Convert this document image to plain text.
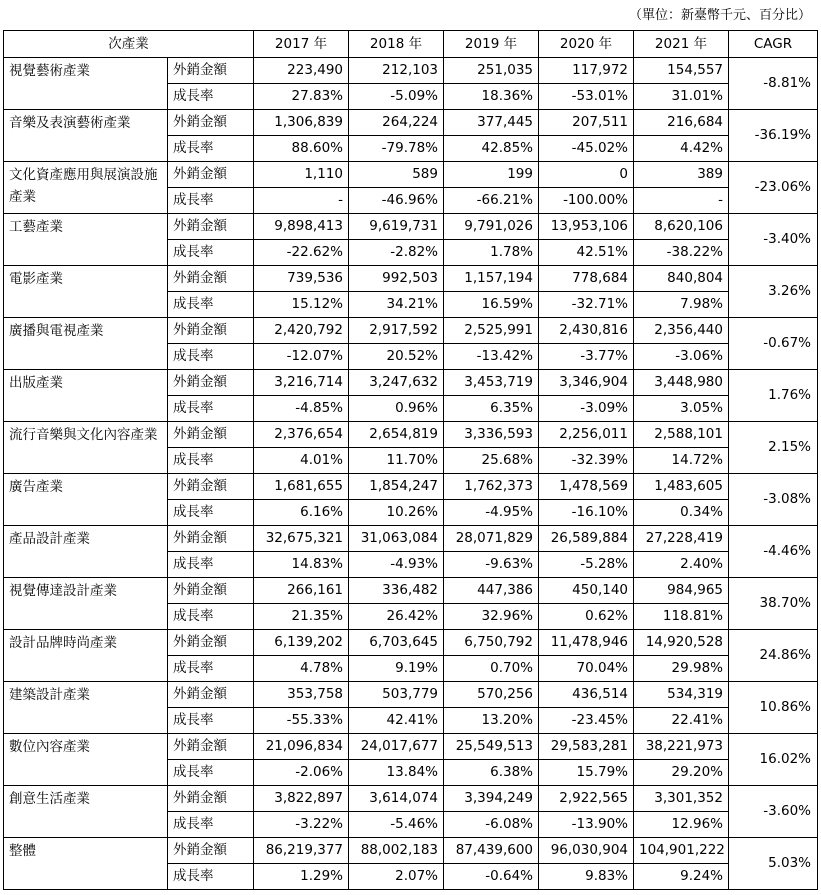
（單位：新臺幣千元、百分比）
次產業		2017 年	2018 年	2019 年	2020 年	2021 年	CAGR
視覺藝術產業	外銷金額	223,490	212,103	251,035	117,972	154,557	-8.81%
	成長率	27.83%	-5.09%	18.36%	-53.01%	31.01%	
音樂及表演藝術產業	外銷金額	1,306,839	264,224	377,445	207,511	216,684	-36.19%
	成長率	88.60%	-79.78%	42.85%	-45.02%	4.42%	
文化資產應用與展演設施產業	外銷金額	1,110	589	199	0	389	-23.06%
	成長率	-	-46.96%	-66.21%	-100.00%	-	
工藝產業	外銷金額	9,898,413	9,619,731	9,791,026	13,953,106	8,620,106	-3.40%
	成長率	-22.62%	-2.82%	1.78%	42.51%	-38.22%	
電影產業	外銷金額	739,536	992,503	1,157,194	778,684	840,804	3.26%
	成長率	15.12%	34.21%	16.59%	-32.71%	7.98%	
廣播與電視產業	外銷金額	2,420,792	2,917,592	2,525,991	2,430,816	2,356,440	-0.67%
	成長率	-12.07%	20.52%	-13.42%	-3.77%	-3.06%	
出版產業	外銷金額	3,216,714	3,247,632	3,453,719	3,346,904	3,448,980	1.76%
	成長率	-4.85%	0.96%	6.35%	-3.09%	3.05%	
流行音樂與文化內容產業	外銷金額	2,376,654	2,654,819	3,336,593	2,256,011	2,588,101	2.15%
	成長率	4.01%	11.70%	25.68%	-32.39%	14.72%	
廣告產業	外銷金額	1,681,655	1,854,247	1,762,373	1,478,569	1,483,605	-3.08%
	成長率	6.16%	10.26%	-4.95%	-16.10%	0.34%	
產品設計產業	外銷金額	32,675,321	31,063,084	28,071,829	26,589,884	27,228,419	-4.46%
	成長率	14.83%	-4.93%	-9.63%	-5.28%	2.40%	
視覺傳達設計產業	外銷金額	266,161	336,482	447,386	450,140	984,965	38.70%
	成長率	21.35%	26.42%	32.96%	0.62%	118.81%	
設計品牌時尚產業	外銷金額	6,139,202	6,703,645	6,750,792	11,478,946	14,920,528	24.86%
	成長率	4.78%	9.19%	0.70%	70.04%	29.98%	
建築設計產業	外銷金額	353,758	503,779	570,256	436,514	534,319	10.86%
	成長率	-55.33%	42.41%	13.20%	-23.45%	22.41%	
數位內容產業	外銷金額	21,096,834	24,017,677	25,549,513	29,583,281	38,221,973	16.02%
	成長率	-2.06%	13.84%	6.38%	15.79%	29.20%	
創意生活產業	外銷金額	3,822,897	3,614,074	3,394,249	2,922,565	3,301,352	-3.60%
	成長率	-3.22%	-5.46%	-6.08%	-13.90%	12.96%	
整體	外銷金額	86,219,377	88,002,183	87,439,600	96,030,904	104,901,222	5.03%
	成長率	1.29%	2.07%	-0.64%	9.83%	9.24%	
